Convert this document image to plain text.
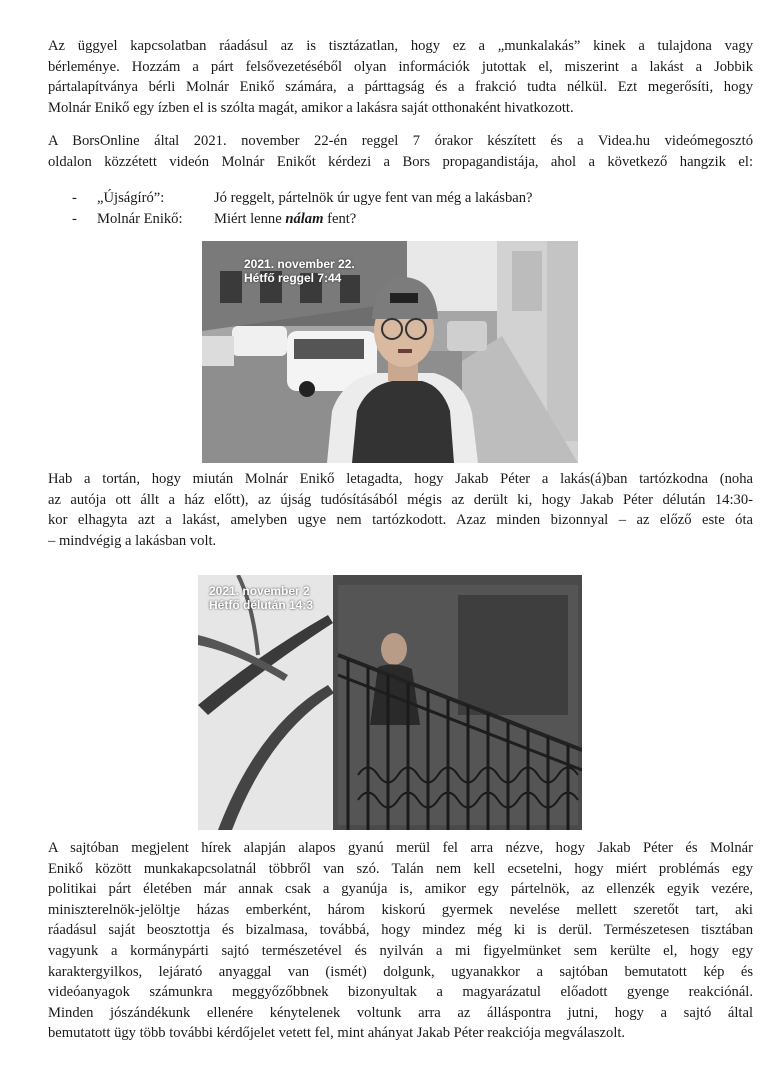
Az üggyel kapcsolatban ráadásul az is tisztázatlan, hogy ez a „munkalakás” kinek a tulajdona vagy
bérleménye. Hozzám a párt felsővezetéséből olyan információk jutottak el, miszerint a lakást a Jobbik
pártalapítványa bérli Molnár Enikő számára, a párttagság és a frakció tudta nélkül. Ezt megerősíti, hogy
Molnár Enikő egy ízben el is szólta magát, amikor a lakásra saját otthonaként hivatkozott.
A BorsOnline által 2021. november 22-én reggel 7 órakor készített és a Videa.hu videómegosztó
oldalon közzétett videón Molnár Enikőt kérdezi a Bors propagandistája, ahol a következő hangzik el:
-	„Újságíró”:	Jó reggelt, pártelnök úr ugye fent van még a lakásban?
-	Molnár Enikő:	Miért lenne nálam fent?
2021. november 22.
Hétfő reggel 7:44
Hab a tortán, hogy miután Molnár Enikő letagadta, hogy Jakab Péter a lakás(á)ban tartózkodna (noha
az autója ott állt a ház előtt), az újság tudósításából mégis az derült ki, hogy Jakab Péter délután 14:30-
kor elhagyta azt a lakást, amelyben ugye nem tartózkodott. Azaz minden bizonnyal – az előző este óta
– mindvégig a lakásban volt.
2021. november 2
Hétfő délután 14:3
A sajtóban megjelent hírek alapján alapos gyanú merül fel arra nézve, hogy Jakab Péter és Molnár
Enikő között munkakapcsolatnál többről van szó. Talán nem kell ecsetelni, hogy miért problémás egy
politikai párt életében már annak csak a gyanúja is, amikor egy pártelnök, az ellenzék egyik vezére,
miniszterelnök-jelöltje házas emberként, három kiskorú gyermek nevelése mellett szeretőt tart, aki
ráadásul saját beosztottja és bizalmasa, továbbá, hogy mindez még ki is derül. Természetesen tisztában
vagyunk a kormánypárti sajtó természetével és nyilván a mi figyelmünket sem kerülte el, hogy egy
karaktergyilkos, lejárató anyaggal van (ismét) dolgunk, ugyanakkor a sajtóban bemutatott kép és
videóanyagok számunkra meggyőzőbbnek bizonyultak a magyarázatul előadott gyenge reakciónál.
Minden jószándékunk ellenére kénytelenek voltunk arra az álláspontra jutni, hogy a sajtó által
bemutatott ügy több további kérdőjelet vetett fel, mint ahányat Jakab Péter reakciója megválaszolt.
